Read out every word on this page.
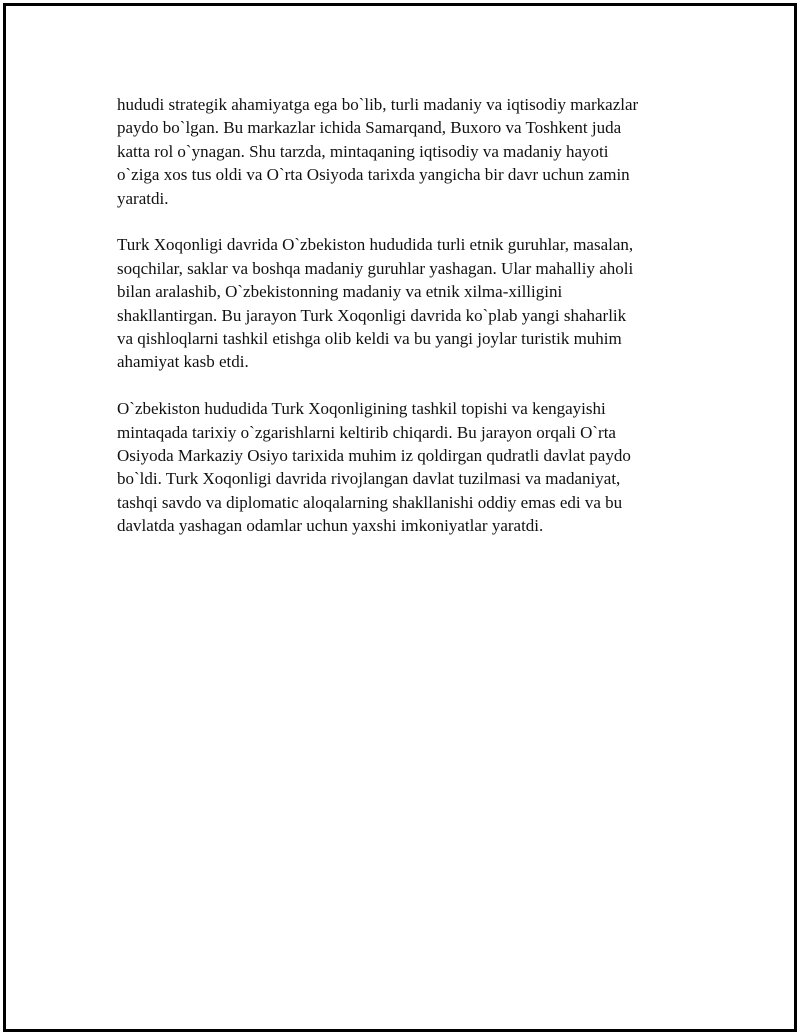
hududi strategik ahamiyatga ega bo`lib, turli madaniy va iqtisodiy markazlar
paydo bo`lgan. Bu markazlar ichida Samarqand, Buxoro va Toshkent juda
katta rol o`ynagan. Shu tarzda, mintaqaning iqtisodiy va madaniy hayoti
o`ziga xos tus oldi va O`rta Osiyoda tarixda yangicha bir davr uchun zamin
yaratdi.

Turk Xoqonligi davrida O`zbekiston hududida turli etnik guruhlar, masalan,
soqchilar, saklar va boshqa madaniy guruhlar yashagan. Ular mahalliy aholi
bilan aralashib, O`zbekistonning madaniy va etnik xilma-xilligini
shakllantirgan. Bu jarayon Turk Xoqonligi davrida ko`plab yangi shaharlik
va qishloqlarni tashkil etishga olib keldi va bu yangi joylar turistik muhim
ahamiyat kasb etdi.

O`zbekiston hududida Turk Xoqonligining tashkil topishi va kengayishi
mintaqada tarixiy o`zgarishlarni keltirib chiqardi. Bu jarayon orqali O`rta
Osiyoda Markaziy Osiyo tarixida muhim iz qoldirgan qudratli davlat paydo
bo`ldi. Turk Xoqonligi davrida rivojlangan davlat tuzilmasi va madaniyat,
tashqi savdo va diplomatic aloqalarning shakllanishi oddiy emas edi va bu
davlatda yashagan odamlar uchun yaxshi imkoniyatlar yaratdi.
